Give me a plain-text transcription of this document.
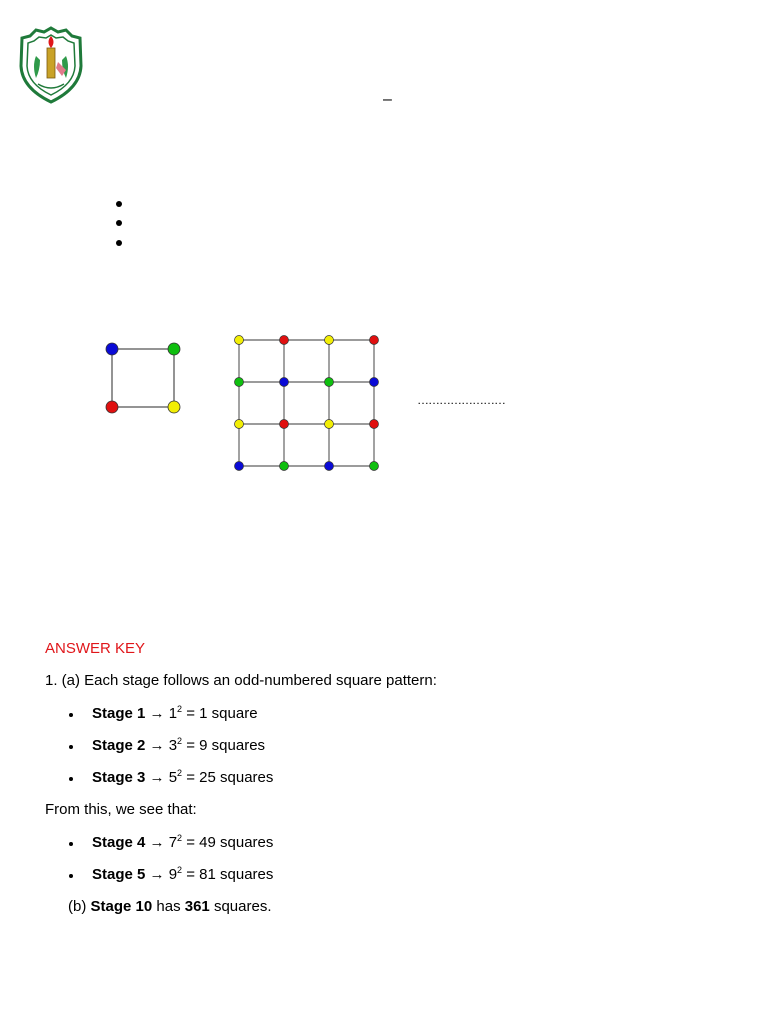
–
……………………
ANSWER KEY
1. (a) Each stage follows an odd-numbered square pattern:
Stage $1 \to 1^2 = 1$ square
Stage $2 \to 3^2 = 9$ squares
Stage $3 \to 5^2 = 25$ squares
From this, we see that:
Stage $4 \to 7^2 = 49$ squares
Stage $5 \to 9^2 = 81$ squares
(b) Stage 10 has 361 squares.
